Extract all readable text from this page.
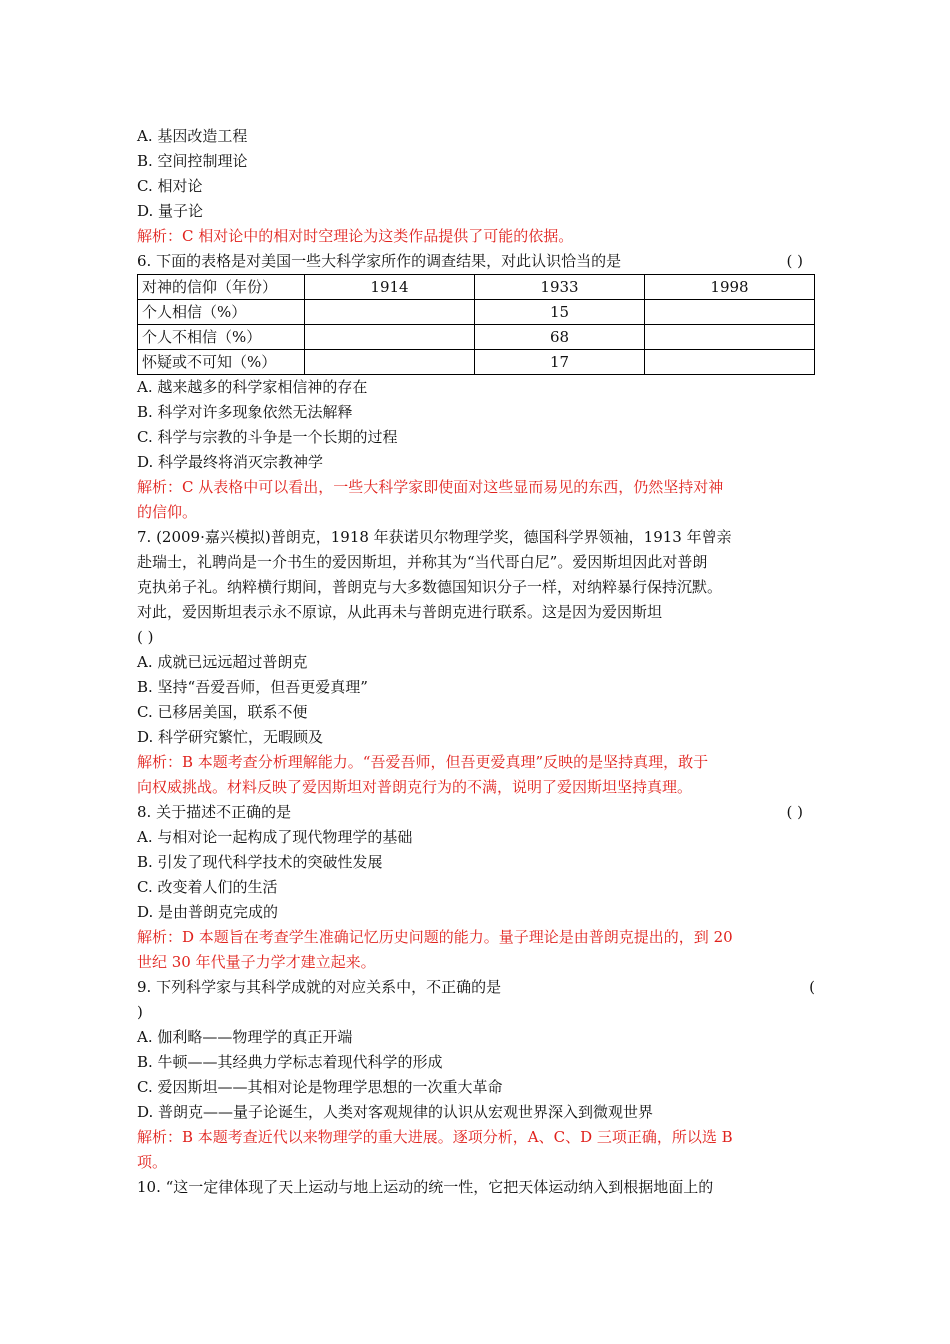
A. 基因改造工程
B. 空间控制理论
C. 相对论
D. 量子论
解析：C 相对论中的相对时空理论为这类作品提供了可能的依据。
6. 下面的表格是对美国一些大科学家所作的调查结果，对此认识恰当的是	( )
对神的信仰（年份）	1914	1933	1998
个人相信（%）		15	
个人不相信（%）		68	
怀疑或不可知（%）		17	
A. 越来越多的科学家相信神的存在
B. 科学对许多现象依然无法解释
C. 科学与宗教的斗争是一个长期的过程
D. 科学最终将消灭宗教神学
解析：C 从表格中可以看出，一些大科学家即使面对这些显而易见的东西，仍然坚持对神
的信仰。
7. (2009·嘉兴模拟)普朗克，1918 年获诺贝尔物理学奖，德国科学界领袖，1913 年曾亲
赴瑞士，礼聘尚是一介书生的爱因斯坦，并称其为“当代哥白尼”。爱因斯坦因此对普朗
克执弟子礼。纳粹横行期间，普朗克与大多数德国知识分子一样，对纳粹暴行保持沉默。
对此，爱因斯坦表示永不原谅，从此再未与普朗克进行联系。这是因为爱因斯坦
( )
A. 成就已远远超过普朗克
B. 坚持“吾爱吾师，但吾更爱真理”
C. 已移居美国，联系不便
D. 科学研究繁忙，无暇顾及
解析：B 本题考查分析理解能力。“吾爱吾师，但吾更爱真理”反映的是坚持真理，敢于
向权威挑战。材料反映了爱因斯坦对普朗克行为的不满，说明了爱因斯坦坚持真理。
8. 关于描述不正确的是	( )
A. 与相对论一起构成了现代物理学的基础
B. 引发了现代科学技术的突破性发展
C. 改变着人们的生活
D. 是由普朗克完成的
解析：D 本题旨在考查学生准确记忆历史问题的能力。量子理论是由普朗克提出的，到 20
世纪 30 年代量子力学才建立起来。
9. 下列科学家与其科学成就的对应关系中，不正确的是	(
)
A. 伽利略——物理学的真正开端
B. 牛顿——其经典力学标志着现代科学的形成
C. 爱因斯坦——其相对论是物理学思想的一次重大革命
D. 普朗克——量子论诞生，人类对客观规律的认识从宏观世界深入到微观世界
解析：B 本题考查近代以来物理学的重大进展。逐项分析，A、C、D 三项正确，所以选 B
项。
10. “这一定律体现了天上运动与地上运动的统一性，它把天体运动纳入到根据地面上的
